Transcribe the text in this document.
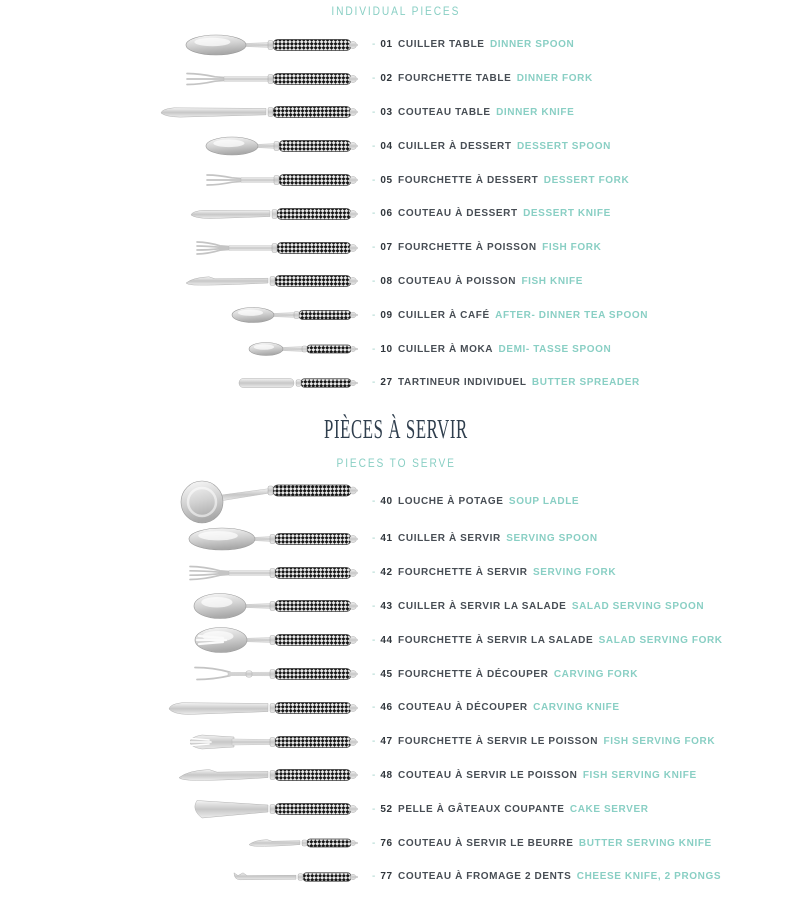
INDIVIDUAL PIECES
- 01 CUILLER TABLE DINNER SPOON
- 02 FOURCHETTE TABLE DINNER FORK
- 03 COUTEAU TABLE DINNER KNIFE
- 04 CUILLER À DESSERT DESSERT SPOON
- 05 FOURCHETTE À DESSERT DESSERT FORK
- 06 COUTEAU À DESSERT DESSERT KNIFE
- 07 FOURCHETTE À POISSON FISH FORK
- 08 COUTEAU À POISSON FISH KNIFE
- 09 CUILLER À CAFÉ AFTER- DINNER TEA SPOON
- 10 CUILLER À MOKA DEMI- TASSE SPOON
- 27 TARTINEUR INDIVIDUEL BUTTER SPREADER
PIÈCES À SERVIR
PIECES TO SERVE
- 40 LOUCHE À POTAGE SOUP LADLE
- 41 CUILLER À SERVIR SERVING SPOON
- 42 FOURCHETTE À SERVIR SERVING FORK
- 43 CUILLER À SERVIR LA SALADE SALAD SERVING SPOON
- 44 FOURCHETTE À SERVIR LA SALADE SALAD SERVING FORK
- 45 FOURCHETTE À DÉCOUPER CARVING FORK
- 46 COUTEAU À DÉCOUPER CARVING KNIFE
- 47 FOURCHETTE À SERVIR LE POISSON FISH SERVING FORK
- 48 COUTEAU À SERVIR LE POISSON FISH SERVING KNIFE
- 52 PELLE À GÂTEAUX COUPANTE CAKE SERVER
- 76 COUTEAU À SERVIR LE BEURRE BUTTER SERVING KNIFE
- 77 COUTEAU À FROMAGE 2 DENTS CHEESE KNIFE, 2 PRONGS
